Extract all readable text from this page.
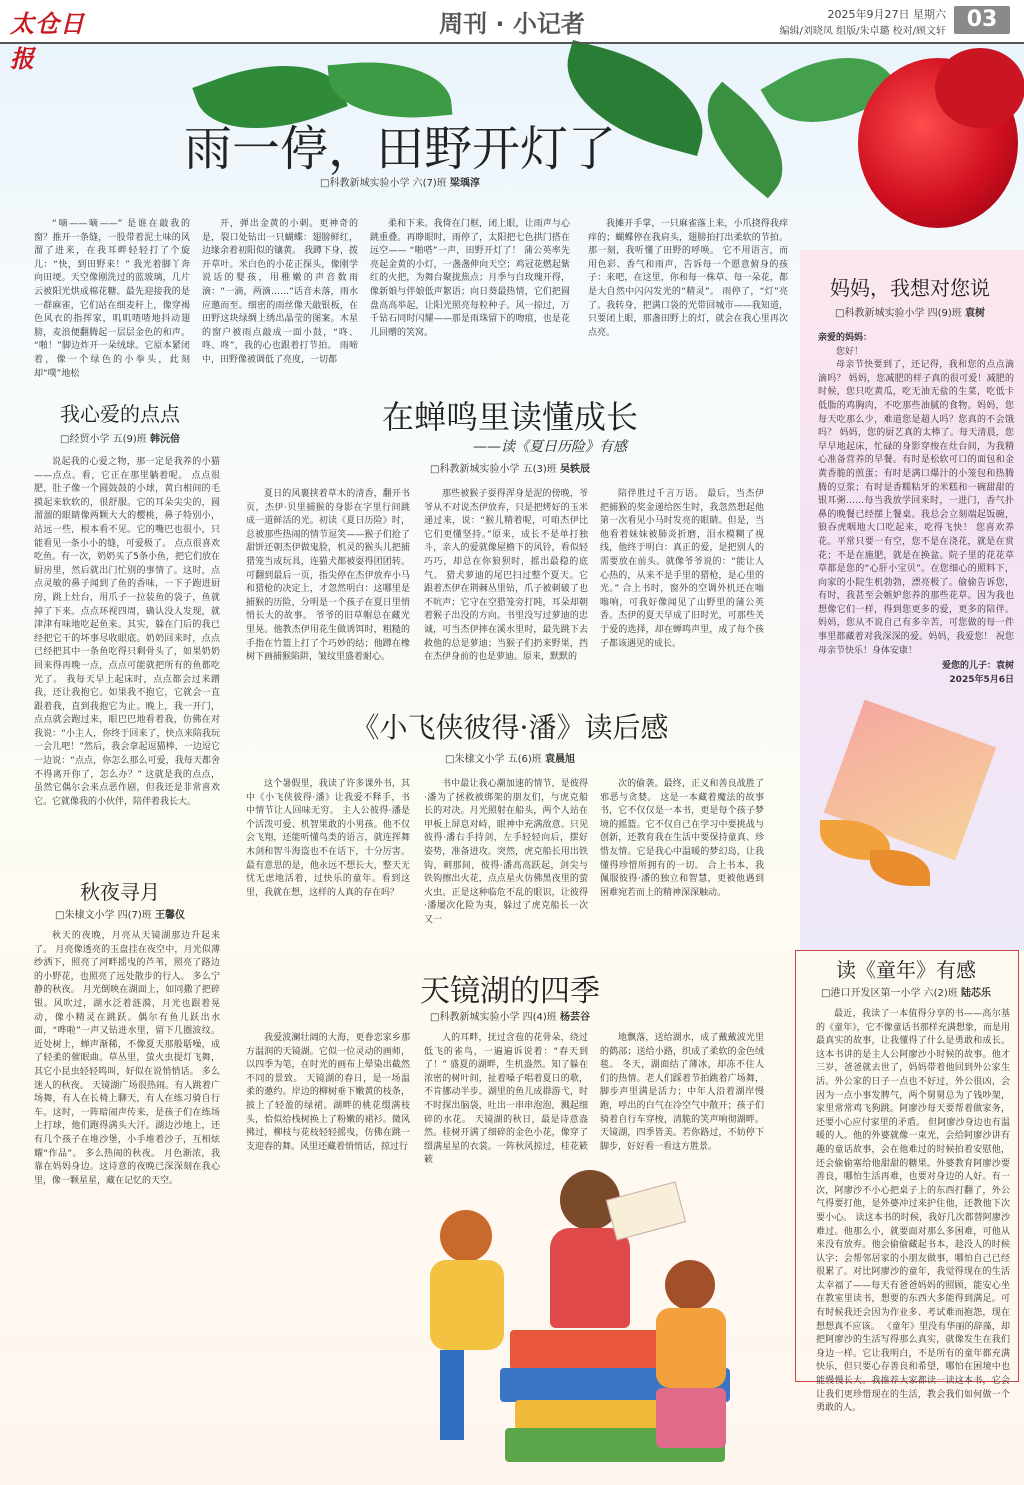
太仓日报
周刊 · 小记者	2025年9月27日 星期六
编辑/刘晓凤 组版/朱卓璐 校对/顾文轩 03
雨一停，田野开灯了
□科教新城实验小学 六(7)班 梁瑀淳

“嘀——嘀——” 是谁在敲我的窗？推开一条缝，一股带着泥土味的风溜了进来，在我耳畔轻轻打了个旋儿：“快，到田野来！” 我光着脚丫奔向田埂。天空像刚洗过的蓝玻璃，几片云被阳光烘成棉花糖。最先迎接我的是一群麻雀，它们站在细麦秆上，像穿褐色风衣的指挥家，叽叽喳喳地抖动翅膀，麦浪便翻腾起一层层金色的和声。 “啪！”脚边炸开一朵绒球。它原本紧闭着，像一个绿色的小拳头，此刻却“噗”地松

开，弹出金黄的小刺。更神奇的是，裂口处钻出一只蝴蝶：翅膀鲜红，边缘余着初阳似的镶黄。 我蹲下身，拨开草叶。米白色的小花正探头，像刚学说话的婴孩，用稚嫩的声音数雨滴：“一滴，两滴……”话音未落，雨水应邀而至。细密的雨丝像天敲银板，在田野这块绿绸上绣出晶莹的图案。木星的窗户被雨点敲成一面小鼓，“咚、咚、咚”，我的心也跟着打节拍。 雨啼中，田野像被调低了亮度，一切都

柔和下来。我倚在门框，闭上眼，让雨声与心跳重叠。再睁眼时，雨停了，太阳把七色拱门搭在远空—— “啪嗒”一声，田野开灯了！ 蒲公英率先亮起金黄的小灯，一盏盏伸向天空；鸡冠花燃起紫红的火把，为舞台聚拢焦点；月季与白玫瑰开得，像新娘与伴娘低声絮语；向日葵最热情，它们把圆盘高高举起，让阳光照亮每粒种子。风一掠过，万千钻石同时闪耀——那是雨珠留下的吻痕，也是花儿回赠的笑窝。

我摊开手掌，一只麻雀落上来，小爪挠得我痒痒的；蝴蝶停在我肩头，翅膀拍打出柔软的节拍。那一刻，我听懂了田野的呼唤。 它不用语言，而用色彩、香气和雨声，告诉每一个愿意俯身的孩子：来吧，在这里，你和每一株草、每一朵花，都是大自然中闪闪发光的“精灵”。 雨停了，“灯”亮了。我转身，把满口袋的光带回城市——我知道，只要闭上眼，那盏田野上的灯，就会在我心里再次点亮。

妈妈，我想对您说
□科教新城实验小学 四(9)班 袁树
亲爱的妈妈：

您好！

母亲节快要到了，还记得，我和您的点点滴滴吗？ 妈妈，您减肥的样子真的很可爱！减肥的时候，您只吃黄瓜，吃无油无盐的生菜，吃低卡低脂的鸡胸肉，不吃那些油腻的食物。妈妈，您每天吃那么少，难道您是超人吗？您真的不会饿吗？ 妈妈，您的厨艺真的太棒了。每天清晨，您早早地起床，忙碌的身影穿梭在灶台间，为我精心准备营养的早餐。有时是松软可口的面包和金黄香脆的煎蛋；有时是满口爆汁的小笼包和热腾腾的豆浆；有时是香糯粘牙的米糕和一碗甜甜的银耳粥……每当我放学回来时，一进门，香气扑鼻的晚餐已经摆上餐桌。我总会立刻端起饭碗，狼吞虎咽地大口吃起来，吃得飞快！ 您喜欢养花。平常只要一有空，您不是在浇花，就是在赏花；不是在施肥，就是在换盆。院子里的花花草草都是您的“心肝小宝贝”。在您细心的照料下，向家的小院生机勃勃，漂亮极了。偷偷告诉您，有时，我甚至会嫉妒您养的那些花草。因为我也想像它们一样，得到您更多的爱，更多的陪伴。 妈妈，您从不说自己有多辛苦，可您做的每一件事里都藏着对我深深的爱。妈妈，我爱您！ 祝您母亲节快乐！身体安康！

爱您的儿子：袁树
2025年5月6日
我心爱的点点
□经贸小学 五(9)班 韩沅倍

说起我的心爱之物，那一定是我养的小猫——点点。看，它正在那里躺着呢。 点点很肥，肚子像一个圆鼓鼓的小球，黄白相间的毛摸起来软软的，很舒服。它的耳朵尖尖的，圆溜溜的眼睛像两颗大大的樱桃，鼻子特别小，站远一些，根本看不见。它的嘴巴也很小，只能看见一条小小的缝，可爱极了。 点点很喜欢吃鱼。有一次，奶奶买了5条小鱼，把它们放在厨房里，然后就出门忙别的事情了。这时，点点灵敏的鼻子闻到了鱼的香味，一下子跑进厨房，跳上灶台，用爪子一拉装鱼的袋子，鱼就掉了下来。点点环视四周，确认没人发现，就津津有味地吃起鱼来。其实，躲在门后的我已经把它干的坏事尽收眼底。奶奶回来时，点点已经把其中一条鱼吃得只剩骨头了，如果奶奶回来得再晚一点，点点可能就把所有的鱼都吃光了。 我每天早上起床时，点点都会过来蹭我，还让我抱它。如果我不抱它，它就会一直跟着我，直到我抱它为止。晚上，我一开门，点点就会跑过来，眼巴巴地看着我，仿佛在对我说：“小主人，你终于回来了，快点来陪我玩一会儿吧！”然后，我会拿起逗猫棒，一边逗它一边说：“点点，你怎么那么可爱，我每天都舍不得离开你了，怎么办？” 这就是我的点点，虽然它偶尔会来点恶作剧，但我还是非常喜欢它。它就像我的小伙伴，陪伴着我长大。

在蝉鸣里读懂成长
——读《夏日历险》有感
□科教新城实验小学 五(3)班 吴轶辰

夏日的风裹挟着草木的清香，翻开书页，杰伊·贝里捕猴的身影在字里行间跳成一道鲜活的光。初读《夏日历险》时，总被那些热闹的情节逗笑——猴子们抢了甜饼还朝杰伊做鬼脸，机灵的猴头儿把捕猎笼当成玩具，连猫犬都被耍得团团转。可翻到最后一页，指尖停在杰伊放弃小马和猎枪的决定上，才忽然明白：这哪里是捕猴的历险，分明是一个孩子在夏日里悄悄长大的故事。 爷爷的旧草帽总在藏光里晃。他教杰伊用花生做诱饵时，粗糙的手指在竹篮上打了个巧妙的结；他蹲在橡树下画捕猴陷阱，皱纹里盛着耐心。

那些被猴子耍得浑身是泥的傍晚，爷爷从不对说杰伊放弃，只是把烤好的玉米递过来，说：“猴儿精着呢，可咱杰伊比它们更懂坚持。”原来，成长不是单打独斗，亲人的爱就像屋檐下的风铃，看似轻巧巧，却总在你狼狈时，摇出最稳的底气。 猎犬萝迪的尾巴扫过整个夏天。它跟着杰伊在荆棘丛里钻，爪子被刺破了也不吭声；它守在空猎笼旁打盹，耳朵却朝着猴子出没的方向。书里没写过萝迪的忠诚，可当杰伊摔在溪水里时，最先跳下去救他的总是萝迪；当猴子们扔来野果，挡在杰伊身前的也是萝迪。原来，默默的

陪伴胜过千言万语。 最后，当杰伊把捕猴的奖金递给医生时，我忽然想起他第一次看见小马时发亮的眼睛。但是，当他看着妹妹被肺炎折磨，泪水模糊了视线，他终于明白：真正的爱，是把别人的需要放在前头。就像爷爷说的：“能让人心热的，从来不是手里的猎枪，是心里的光。” 合上书时，窗外的空调外机还在嗡嗡响，可我好像闻见了山野里的蒲公英香。杰伊的夏天早成了旧时光，可那些关于爱的选择，却在蝉鸣声里，成了每个孩子都该遇见的成长。

《小飞侠彼得·潘》读后感
□朱棣文小学 五(6)班 袁晨旭

这个暑假里，我读了许多课外书，其中《小飞侠彼得·潘》让我爱不释手，书中情节让人回味无穷。 主人公彼得·潘是个活泼可爱、机智果敢的小男孩。他不仅会飞翔，还能听懂鸟类的语言，就连挥舞木剑和智斗海盗也不在话下，十分厉害。最有意思的是，他永远不想长大，整天无忧无虑地活着，过快乐的童年。看到这里，我就在想，这样的人真的存在吗？

书中最让我心潮加速的情节，是彼得·潘为了拯救被绑架的朋友们，与虎克船长的对决。月光照射在船头，两个人站在甲板上屏息对峙，眼神中充满敌意。只见彼得·潘右手持剑，左手轻轻向后，摆好姿势，准备进攻。突然，虎克船长用出铁钩，刺那间，彼得·潘高高跃起，剑尖与铁钩擦出火花，点点星火仿佛黑夜里的萤火虫。正是这种临危不乱的眼识，让彼得·潘屡次化险为夷，躲过了虎克船长一次又一

次的偷袭。最终，正义和善良战胜了邪恶与贪婪。 这是一本藏着魔法的故事书，它不仅仅是一本书，更是每个孩子梦境的摇篮。它不仅自己在学习中要挑战与创新，还教育我在生活中要保持童真、珍惜友情。它是我心中温暖的梦幻岛，让我懂得珍惜所拥有的一切。 合上书本，我佩服彼得·潘的独立和智慧，更被他遇到困难宛若而上的精神深深触动。

秋夜寻月
□朱棣文小学 四(7)班 王馨仪

秋天的夜晚，月亮从天镜湖那边升起来了。 月亮像透亮的玉盘挂在夜空中，月光似薄纱洒下，照亮了河畔摇曳的芦苇，照亮了路边的小野花，也照亮了远处散步的行人。 多么宁静的秋夜。 月光倒映在湖面上，如同撒了把碎银。风吹过，湖水泛着涟漪，月光也跟着晃动，像小精灵在跳跃。偶尔有鱼儿跃出水面，“哗啦”一声又钻进水里，留下几圈波纹。近处树上，蝉声渐稀，不像夏天那般聒噪，成了轻柔的催眠曲。草丛里，萤火虫提灯飞舞，其它小昆虫轻轻鸣叫，好似在说悄悄话。 多么迷人的秋夜。 天镜湖广场很热闹。有人跳着广场舞，有人在长椅上聊天，有人在练习骑自行车。这时，一阵暗闹声传来，是孩子们在练场上打球，他们跑得满头大汗。湖边沙地上，还有几个孩子在堆沙堡，小手堆着沙子，互相炫耀“作品”。 多么热闹的秋夜。 月色渐浓，我靠在妈妈身边。这诗意的夜晚已深深刻在我心里，像一颗星星，藏在记忆的天空。

天镜湖的四季
□科教新城实验小学 四(4)班 杨芸谷

我爱波澜壮阔的大海，更眷恋家乡那方温润的天镜湖。它似一位灵动的画师，以四季为笔，在时光的画布上晕染出截然不同的景致。 天镜湖的春日，是一场温柔的邀约。岸边的柳树垂下嫩黄的枝条，披上了轻盈的绿裙。湖畔的桃花缀满枝头，恰似给栈树换上了粉嫩的裙衫。微风拂过，柳枝与花枝轻轻摇曳，仿佛在跳一支迎春的舞。风里还藏着悄悄话，掠过行

人的耳畔，抚过含苞的花骨朵，绕过低飞的雀鸟，一遍遍诉说着：“春天到了！” 盛夏的湖畔，生机盎然。知了躲在浓密的树叶间，扯着嗓子唱着夏日的歌，不肯挪动半步。湖里的鱼儿成群游弋，时不时探出脑袋，吐出一串串泡泡，溅起细碎的水花。 天镜湖的秋日，最是诗意盎然。桂树开满了细碎的金色小花，像穿了缀满星星的衣裳。一阵秋风掠过，桂花簌簌

地飘落，送给湖水，成了戴戴波光里的鹤部；送给小路，织成了柔软的金色绒毯。 冬天，湖面结了薄冰，却冻不住人们的热情。老人们踩着节拍跳着广场舞，脚步声里满是活力；中年人沿着湖岸慢跑，呼出的白气在冷空气中散开；孩子们骑着自行车穿梭，清脆的笑声响彻湖畔。 天镜湖，四季皆美。若你路过，不妨停下脚步，好好看一看这方胜景。

读《童年》有感
□港口开发区第一小学 六(2)班 陆芯乐

最近，我读了一本值得分享的书——高尔基的《童年》，它不像童话书那样充满想象，而是用最真实的故事，让我懂得了什么是勇敢和成长。 这本书讲的是主人公阿廖沙小时候的故事。他才三岁，爸爸就去世了，妈妈带着他回到外公家生活。外公家的日子一点也不好过，外公很凶，会因为一点小事发脾气，两个舅舅总为了钱吵架，家里常常鸡飞狗跳。阿廖沙每天要帮着做家务，还要小心应付家里的矛盾。 但阿廖沙身边也有温暖的人。他的外婆就像一束光，会给阿廖沙讲有趣的童话故事，会在他难过的时候拍着安慰他，还会偷偷塞给他甜甜的糖果。外婆教育阿廖沙要善良，哪怕生活再难，也要对身边的人好。有一次，阿廖沙不小心把桌子上的东西打翻了，外公气得要打他，是外婆冲过来护住他，还教他下次要小心。 读这本书的时候，我好几次都替阿廖沙难过。他那么小，就要面对那么多困难，可他从来没有放弃。他会偷偷藏起书本，趁没人的时候认字；会帮邻居家的小朋友做事，哪怕自己已经很累了。对比阿廖沙的童年，我觉得现在的生活太幸福了——每天有爸爸妈妈的照顾，能安心坐在教室里读书，想要的东西大多能得到满足。可有时候我还会因为作业多、考试难而抱怨，现在想想真不应该。 《童年》里没有华丽的辞藻，却把阿廖沙的生活写得那么真实，就像发生在我们身边一样。它让我明白，不是所有的童年都充满快乐，但只要心存善良和希望，哪怕在困境中也能慢慢长大。我推荐大家都读一读这本书，它会让我们更珍惜现在的生活，教会我们如何做一个勇敢的人。
